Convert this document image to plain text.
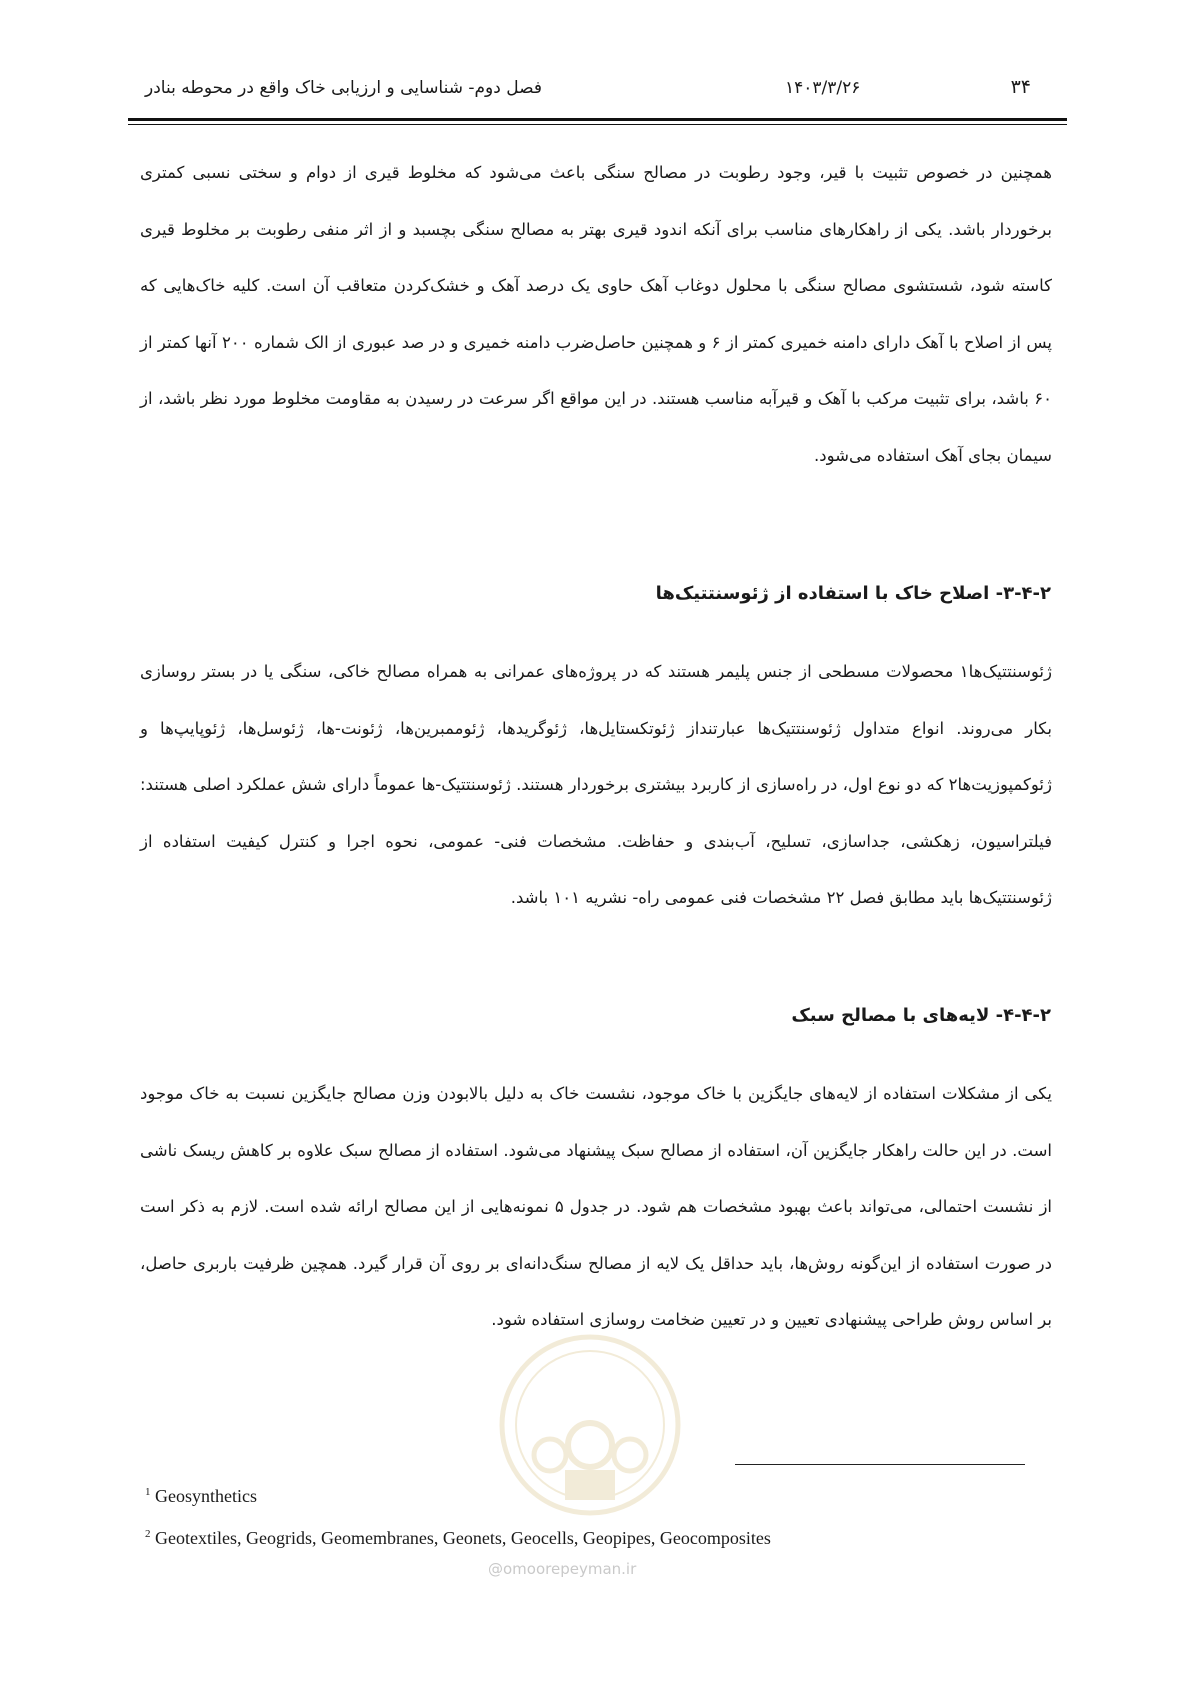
فصل دوم- شناسایی و ارزیابی خاک واقع در محوطه بنادر	۱۴۰۳/۳/۲۶	۳۴
همچنین در خصوص تثبیت با قیر، وجود رطوبت در مصالح سنگی باعث می‌شود که مخلوط قیری از دوام و سختی نسبی کمتری برخوردار باشد. یکی از راهکارهای مناسب برای آنکه اندود قیری بهتر به مصالح سنگی بچسبد و از اثر منفی رطوبت بر مخلوط قیری کاسته شود، شستشوی مصالح سنگی با محلول دوغاب آهک حاوی یک درصد آهک و خشک‌کردن متعاقب آن است. کلیه خاک‌هایی که پس از اصلاح با آهک دارای دامنه خمیری کمتر از ۶ و همچنین حاصل‌ضرب دامنه خمیری و در صد عبوری از الک شماره ۲۰۰ آنها کمتر از ۶۰ باشد، برای تثبیت مرکب با آهک و قیرآبه مناسب هستند. در این مواقع اگر سرعت در رسیدن به مقاومت مخلوط مورد نظر باشد، از سیمان بجای آهک استفاده می‌شود.
۳-۴-۲- اصلاح خاک با استفاده از ژئوسنتتیک‌ها
ژئوسنتتیک‌ها۱ محصولات مسطحی از جنس پلیمر هستند که در پروژه‌های عمرانی به همراه مصالح خاکی، سنگی یا در بستر روسازی بکار می‌روند. انواع متداول ژئوسنتتیک‌ها عبارتنداز ژئوتکستایل‌ها، ژئوگریدها، ژئوممبرین‌ها، ژئونت-ها، ژئوسل‌ها، ژئوپایپ‌ها و ژئوکمپوزیت‌ها۲ که دو نوع اول، در راه‌سازی از کاربرد بیشتری برخوردار هستند. ژئوسنتتیک-ها عموماً دارای شش عملکرد اصلی هستند: فیلتراسیون، زهکشی، جداسازی، تسلیح، آب‌بندی و حفاظت. مشخصات فنی- عمومی، نحوه اجرا و کنترل کیفیت استفاده از ژئوسنتتیک‌ها باید مطابق فصل ۲۲ مشخصات فنی عمومی راه- نشریه ۱۰۱ باشد.
۴-۴-۲- لایه‌های با مصالح سبک
یکی از مشکلات استفاده از لایه‌های جایگزین با خاک موجود، نشست خاک به دلیل بالابودن وزن مصالح جایگزین نسبت به خاک موجود است. در این حالت راهکار جایگزین آن، استفاده از مصالح سبک پیشنهاد می‌شود. استفاده از مصالح سبک علاوه بر کاهش ریسک ناشی از نشست احتمالی، می‌تواند باعث بهبود مشخصات هم شود. در جدول ۵ نمونه‌هایی از این مصالح ارائه شده است. لازم به ذکر است در صورت استفاده از این‌گونه روش‌ها، باید حداقل یک لایه از مصالح سنگ‌دانه‌ای بر روی آن قرار گیرد. همچین ظرفیت باربری حاصل، بر اساس روش طراحی پیشنهادی تعیین و در تعیین ضخامت روسازی استفاده شود.
$^1$ Geosynthetics
$^2$ Geotextiles, Geogrids, Geomembranes, Geonets, Geocells, Geopipes, Geocomposites
@omoorepeyman.ir
